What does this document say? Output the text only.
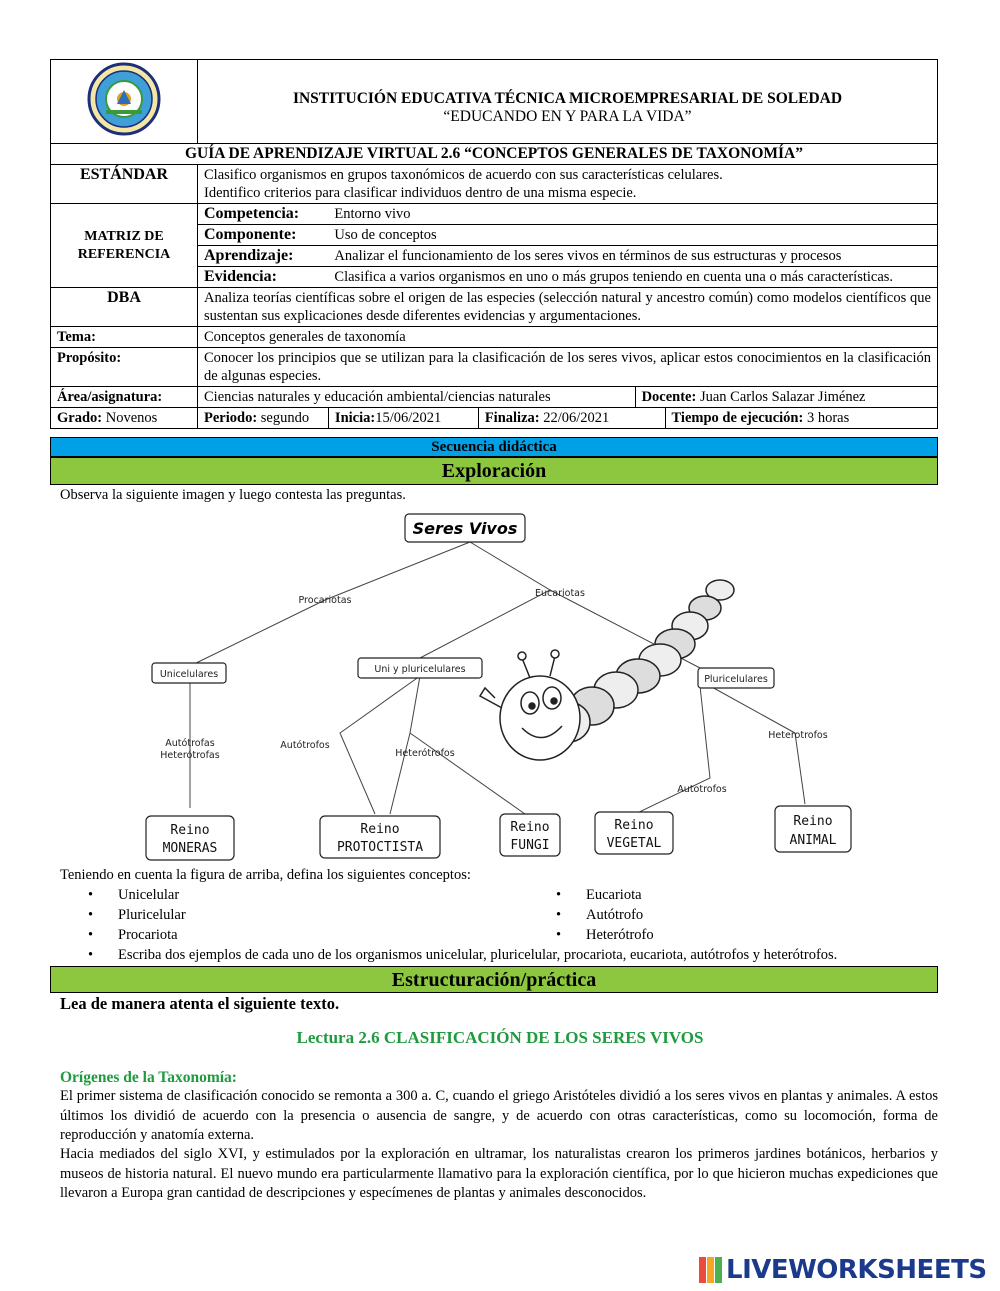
INSTITUCIÓN EDUCATIVA TÉCNICA MICROEMPRESARIAL DE SOLEDAD
“EDUCANDO EN Y PARA LA VIDA”				

GUÍA DE APRENDIZAJE VIRTUAL 2.6 “CONCEPTOS GENERALES DE TAXONOMÍA”					
ESTÁNDAR	Clasifico organismos en grupos taxonómicos de acuerdo con sus características celulares.
Identifico criterios para clasificar individuos dentro de una misma especie.				

MATRIZ DE REFERENCIA	Competencia:	Entorno vivo			
	Componente:	Uso de conceptos			
	Aprendizaje:	Analizar el funcionamiento de los seres vivos en términos de sus estructuras y procesos			
	Evidencia:	Clasifica a varios organismos en uno o más grupos teniendo en cuenta una o más características.			
DBA	Analiza teorías científicas sobre el origen de las especies (selección natural y ancestro común) como modelos científicos que sustentan sus explicaciones desde diferentes evidencias y argumentaciones.				
Tema:	Conceptos generales de taxonomía				
Propósito:	Conocer los principios que se utilizan para la clasificación de los seres vivos, aplicar estos conocimientos en la clasificación de algunas especies.				
Área/asignatura:	Ciencias naturales y educación ambiental/ciencias naturales			Docente: Juan Carlos Salazar Jiménez	
Grado: Novenos	Periodo: segundo	Inicia:15/06/2021	Finaliza: 22/06/2021		Tiempo de ejecución: 3 horas
Secuencia didáctica
Exploración
Observa la siguiente imagen y luego contesta las preguntas.
Seres Vivos
Procariotas
Eucariotas
Unicelulares	Uni y pluricelulares
Pluricelulares
Autótrofas
Heterótrofas
Autótrofos
Heterótrofos
Autotrofos
Heterotrofos
Reino
MONERAS
Reino
PROTOCTISTA
Reino
FUNGI
Reino
VEGETAL
Reino
ANIMAL
Teniendo en cuenta la figura de arriba, defina los siguientes conceptos:
• Unicelular
• Pluricelular
• Procariota
• Eucariota
• Autótrofo
• Heterótrofo
• Escriba dos ejemplos de cada uno de los organismos unicelular, pluricelular, procariota, eucariota, autótrofos y heterótrofos.
Estructuración/práctica
Lea de manera atenta el siguiente texto.
Lectura 2.6 CLASIFICACIÓN DE LOS SERES VIVOS
Orígenes de la Taxonomía:
El primer sistema de clasificación conocido se remonta a 300 a. C, cuando el griego Aristóteles dividió a los seres vivos en plantas y animales. A estos últimos los dividió de acuerdo con la presencia o ausencia de sangre, y de acuerdo con otras características, como su locomoción, forma de reproducción y anatomía externa.
Hacia mediados del siglo XVI, y estimulados por la exploración en ultramar, los naturalistas crearon los primeros jardines botánicos, herbarios y museos de historia natural. El nuevo mundo era particularmente llamativo para la exploración científica, por lo que hicieron muchas expediciones que llevaron a Europa gran cantidad de descripciones y especímenes de plantas y animales desconocidos.
LIVEWORKSHEETS
